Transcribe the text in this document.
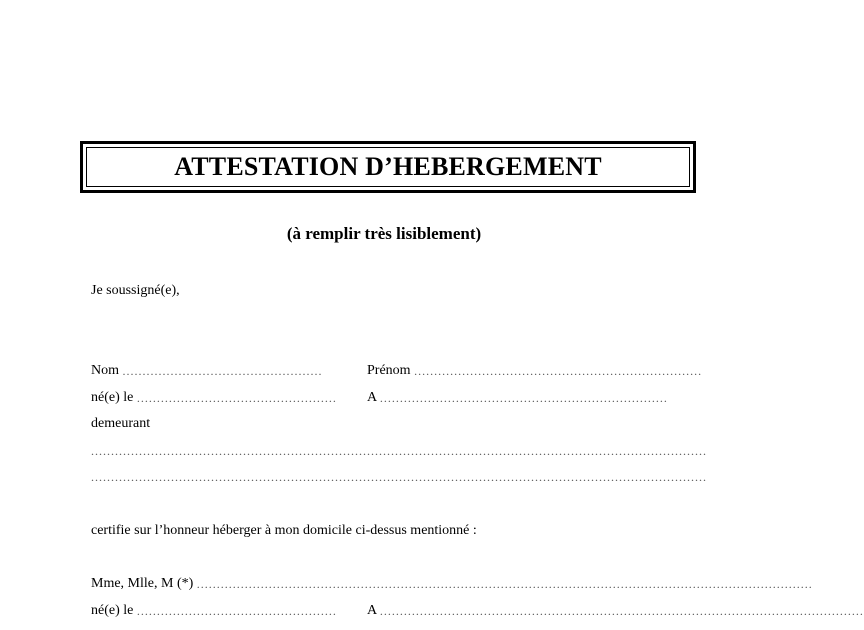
ATTESTATION D’HEBERGEMENT
(à remplir très lisiblement)
Je soussigné(e),
Nom ..................................................	Prénom ........................................................................
né(e) le .................................................. A ........................................................................
demeurant
..........................................................................................................................................................
..........................................................................................................................................................
certifie sur l’honneur héberger à mon domicile ci-dessus mentionné :
Mme, Mlle, M (*) ..........................................................................................................................................................
né(e) le .................................................. A .........................................................................................................................
